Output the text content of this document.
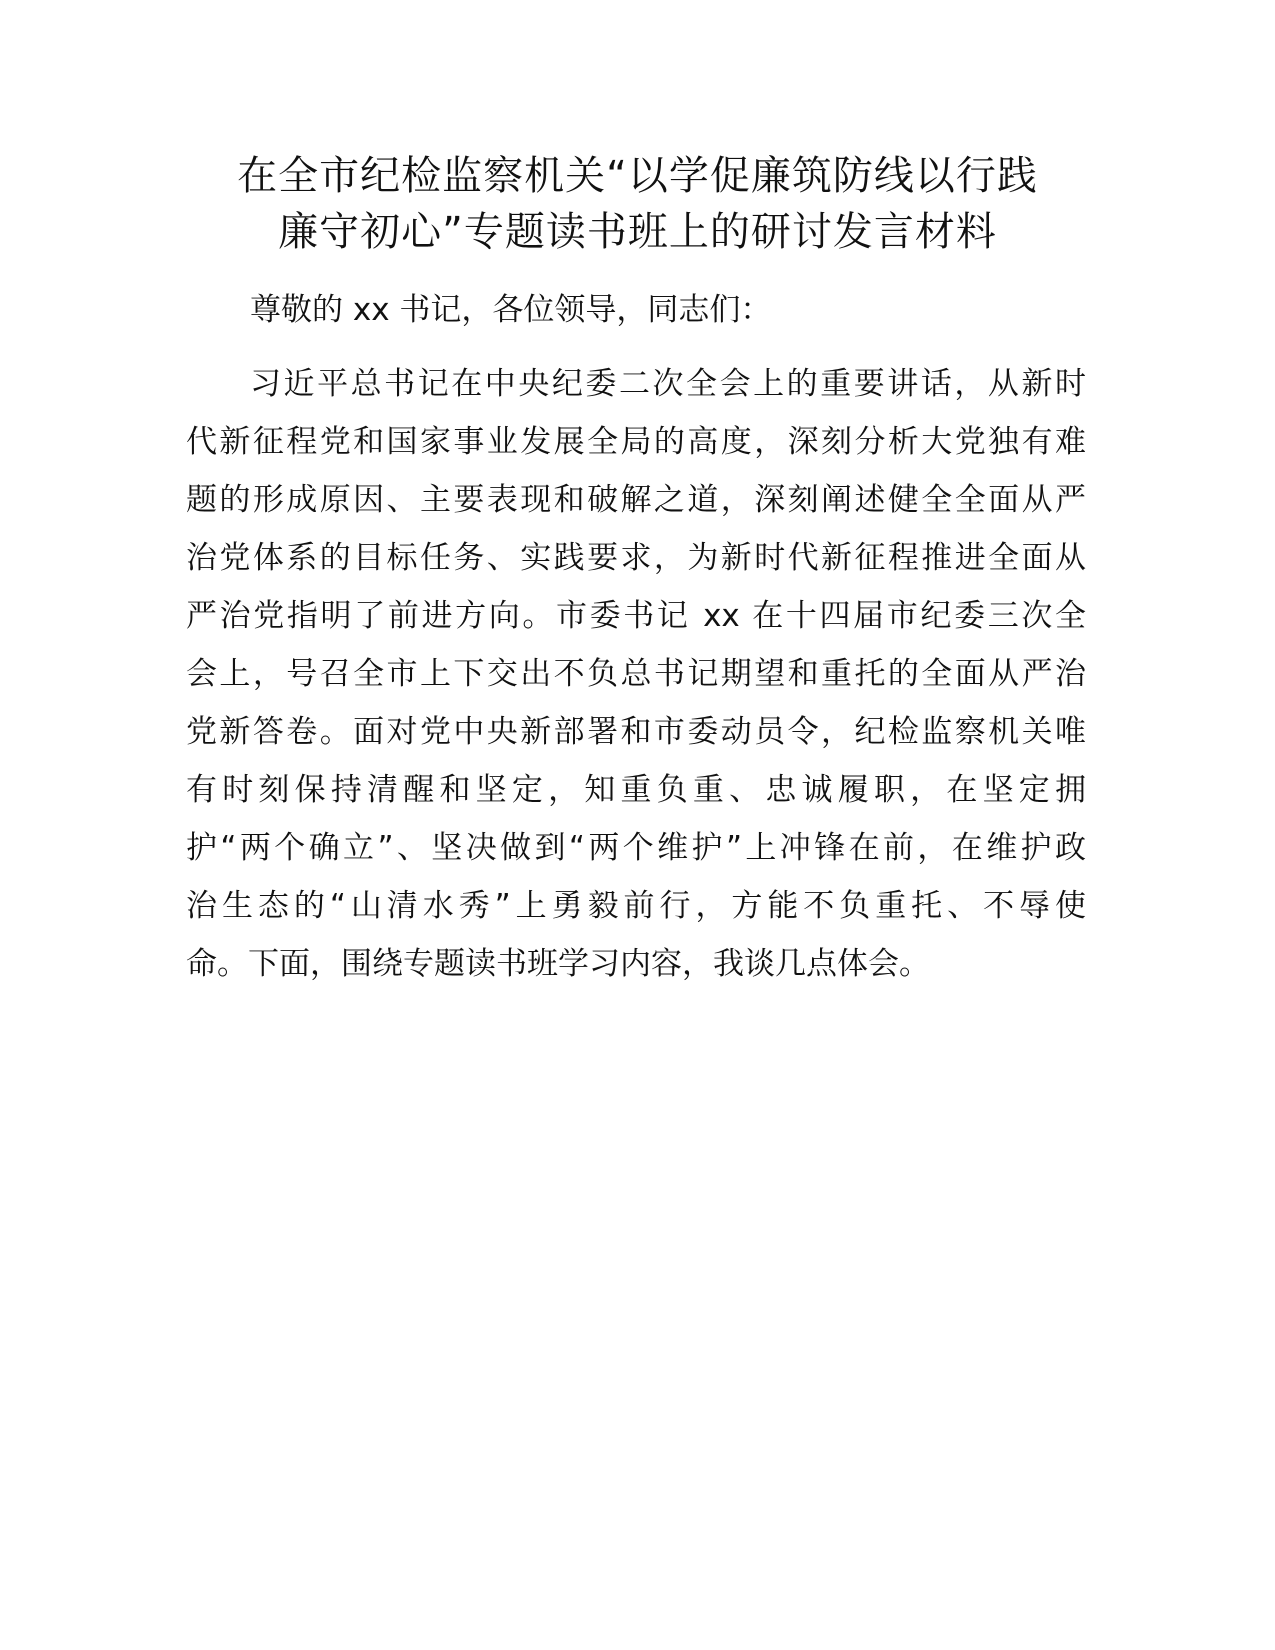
在全市纪检监察机关“以学促廉筑防线以行践
廉守初心”专题读书班上的研讨发言材料

尊敬的 xx 书记，各位领导，同志们：

习近平总书记在中央纪委二次全会上的重要讲话，从新时
代新征程党和国家事业发展全局的高度，深刻分析大党独有难
题的形成原因、主要表现和破解之道，深刻阐述健全全面从严
治党体系的目标任务、实践要求，为新时代新征程推进全面从
严治党指明了前进方向。市委书记 xx 在十四届市纪委三次全
会上，号召全市上下交出不负总书记期望和重托的全面从严治
党新答卷。面对党中央新部署和市委动员令，纪检监察机关唯
有时刻保持清醒和坚定，知重负重、忠诚履职，在坚定拥
护“两个确立”、坚决做到“两个维护”上冲锋在前，在维护政
治生态的“山清水秀”上勇毅前行，方能不负重托、不辱使
命。下面，围绕专题读书班学习内容，我谈几点体会。
